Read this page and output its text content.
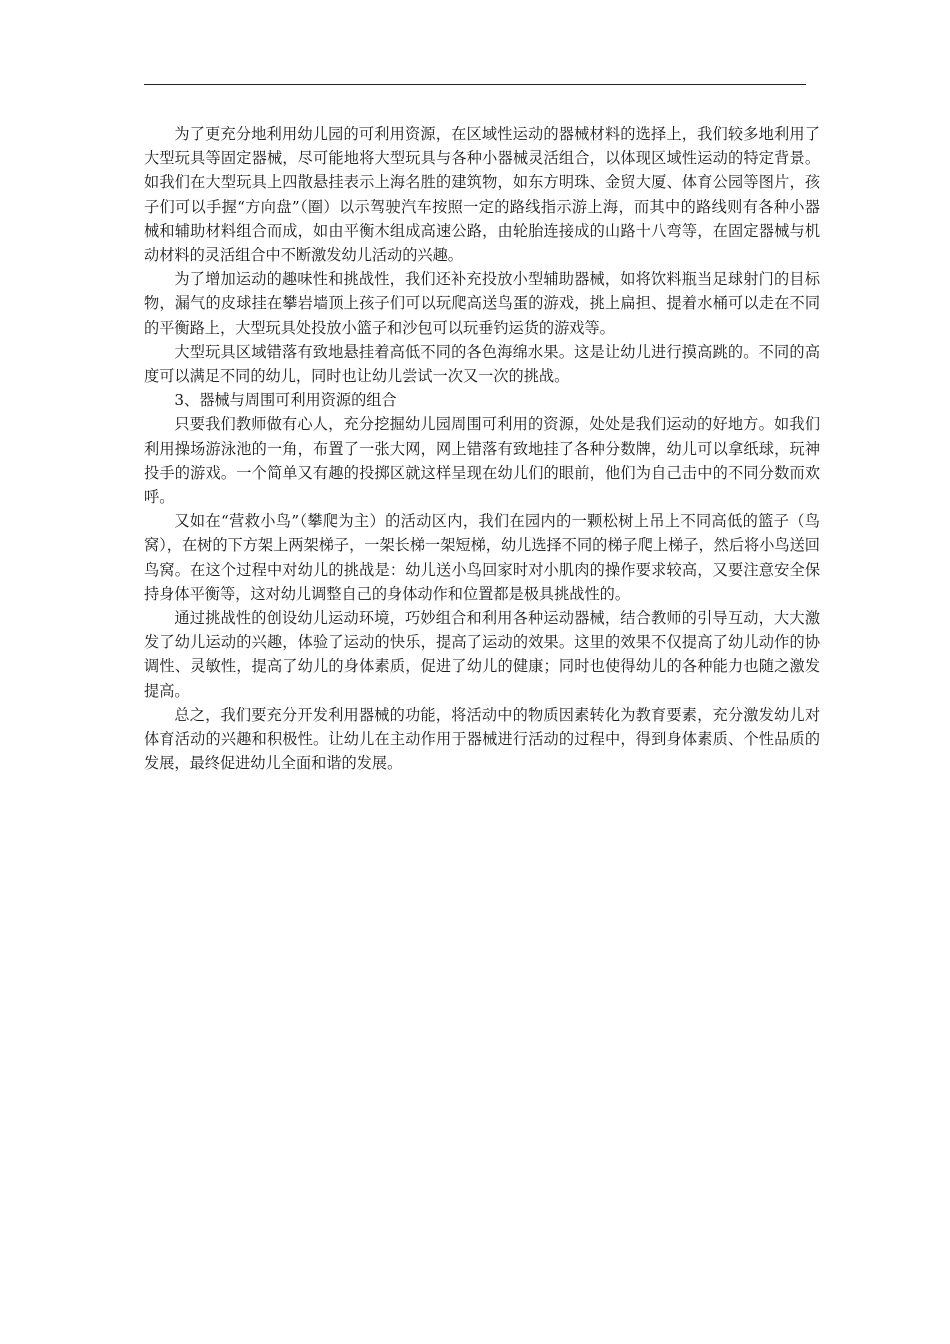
为了更充分地利用幼儿园的可利用资源，在区域性运动的器械材料的选择上，我们较多地利用了大型玩具等固定器械，尽可能地将大型玩具与各种小器械灵活组合，以体现区域性运动的特定背景。如我们在大型玩具上四散悬挂表示上海名胜的建筑物，如东方明珠、金贸大厦、体育公园等图片，孩子们可以手握“方向盘”（圈）以示驾驶汽车按照一定的路线指示游上海，而其中的路线则有各种小器械和辅助材料组合而成，如由平衡木组成高速公路，由轮胎连接成的山路十八弯等，在固定器械与机动材料的灵活组合中不断激发幼儿活动的兴趣。

为了增加运动的趣味性和挑战性，我们还补充投放小型辅助器械，如将饮料瓶当足球射门的目标物，漏气的皮球挂在攀岩墙顶上孩子们可以玩爬高送鸟蛋的游戏，挑上扁担、提着水桶可以走在不同的平衡路上，大型玩具处投放小篮子和沙包可以玩垂钓运货的游戏等。

大型玩具区域错落有致地悬挂着高低不同的各色海绵水果。这是让幼儿进行摸高跳的。不同的高度可以满足不同的幼儿，同时也让幼儿尝试一次又一次的挑战。

3、器械与周围可利用资源的组合

只要我们教师做有心人，充分挖掘幼儿园周围可利用的资源，处处是我们运动的好地方。如我们利用操场游泳池的一角，布置了一张大网，网上错落有致地挂了各种分数牌，幼儿可以拿纸球，玩神投手的游戏。一个简单又有趣的投掷区就这样呈现在幼儿们的眼前，他们为自己击中的不同分数而欢呼。

又如在“营救小鸟”（攀爬为主）的活动区内，我们在园内的一颗松树上吊上不同高低的篮子（鸟窝），在树的下方架上两架梯子，一架长梯一架短梯，幼儿选择不同的梯子爬上梯子，然后将小鸟送回鸟窝。在这个过程中对幼儿的挑战是：幼儿送小鸟回家时对小肌肉的操作要求较高，又要注意安全保持身体平衡等，这对幼儿调整自己的身体动作和位置都是极具挑战性的。

通过挑战性的创设幼儿运动环境，巧妙组合和利用各种运动器械，结合教师的引导互动，大大激发了幼儿运动的兴趣，体验了运动的快乐，提高了运动的效果。这里的效果不仅提高了幼儿动作的协调性、灵敏性，提高了幼儿的身体素质，促进了幼儿的健康；同时也使得幼儿的各种能力也随之激发提高。

总之，我们要充分开发利用器械的功能，将活动中的物质因素转化为教育要素，充分激发幼儿对体育活动的兴趣和积极性。让幼儿在主动作用于器械进行活动的过程中，得到身体素质、个性品质的发展，最终促进幼儿全面和谐的发展。
